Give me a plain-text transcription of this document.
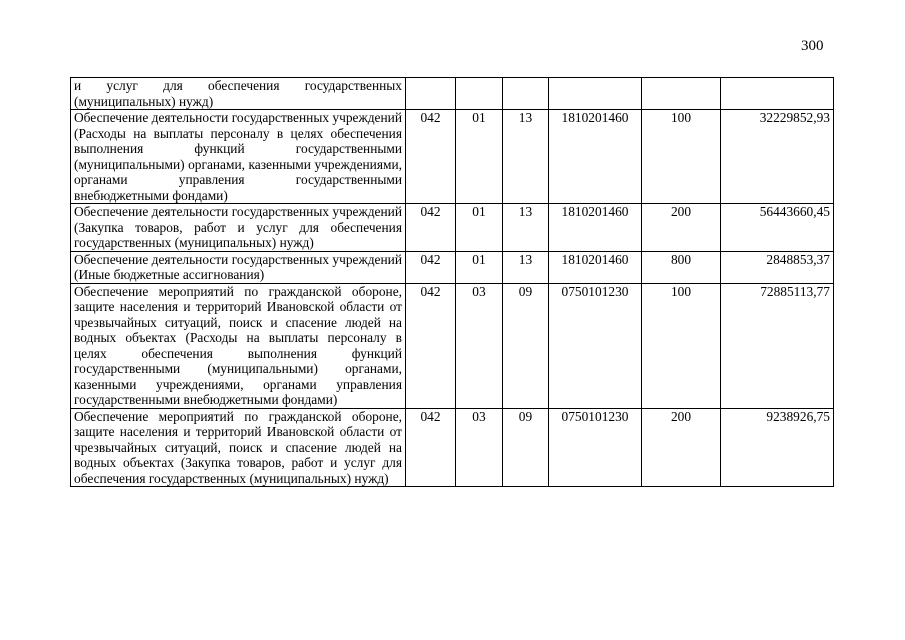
300
и услуг для обеспечения государственных (муниципальных) нужд)						
Обеспечение деятельности государственных учреждений (Расходы на выплаты персоналу в целях обеспечения выполнения функций государственными (муниципальными) органами, казенными учреждениями, органами управления государственными внебюджетными фондами)	042	01	13	1810201460	100	32229852,93
Обеспечение деятельности государственных учреждений (Закупка товаров, работ и услуг для обеспечения государственных (муниципальных) нужд)	042	01	13	1810201460	200	56443660,45
Обеспечение деятельности государственных учреждений (Иные бюджетные ассигнования)	042	01	13	1810201460	800	2848853,37
Обеспечение мероприятий по гражданской обороне, защите населения и территорий Ивановской области от чрезвычайных ситуаций, поиск и спасение людей на водных объектах (Расходы на выплаты персоналу в целях обеспечения выполнения функций государственными (муниципальными) органами, казенными учреждениями, органами управления государственными внебюджетными фондами)	042	03	09	0750101230	100	72885113,77
Обеспечение мероприятий по гражданской обороне, защите населения и территорий Ивановской области от чрезвычайных ситуаций, поиск и спасение людей на водных объектах (Закупка товаров, работ и услуг для обеспечения государственных (муниципальных) нужд)	042	03	09	0750101230	200	9238926,75
